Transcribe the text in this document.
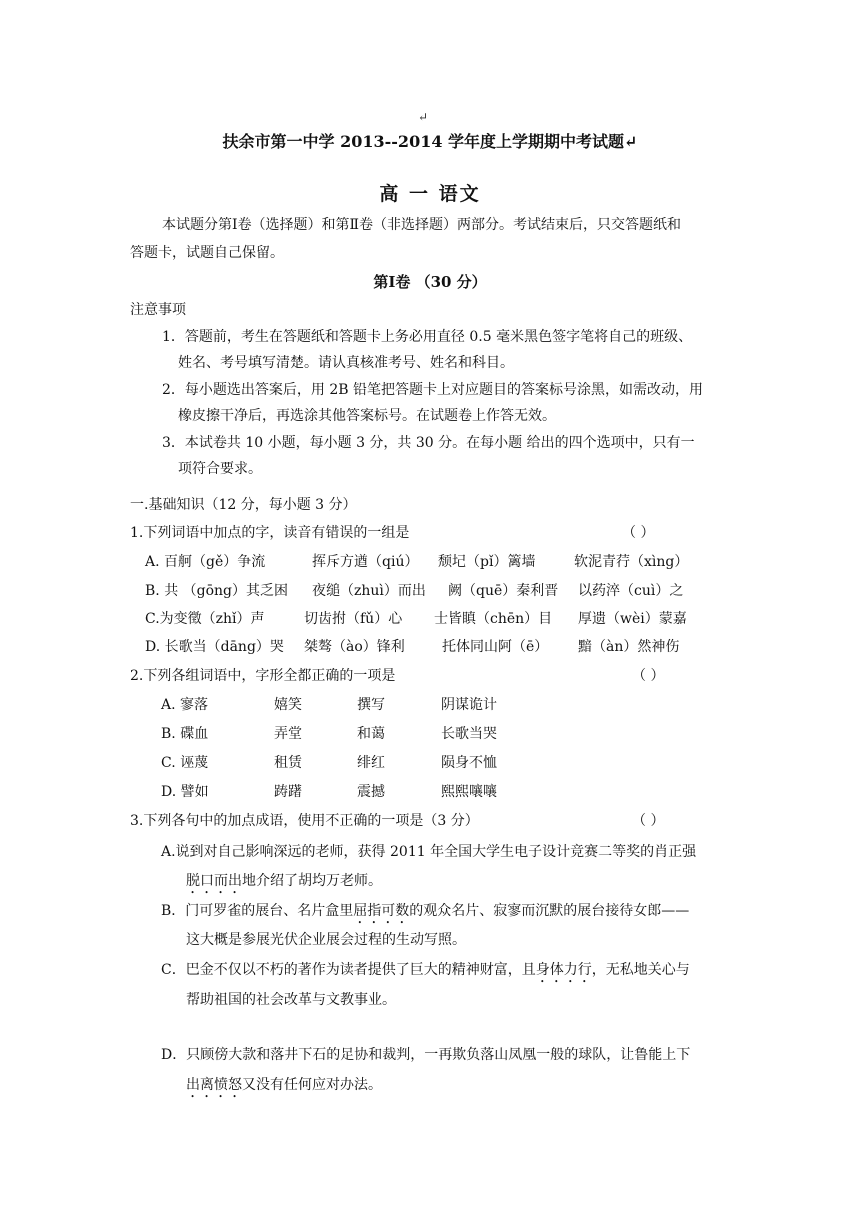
↵
扶余市第一中学 2013--2014 学年度上学期期中考试题↵
高 一 语文
本试题分第Ⅰ卷（选择题）和第Ⅱ卷（非选择题）两部分。考试结束后，只交答题纸和
答题卡，试题自己保留。
第Ⅰ卷 （30 分）
注意事项
1．答题前，考生在答题纸和答题卡上务必用直径 0.5 毫米黑色签字笔将自己的班级、
姓名、考号填写清楚。请认真核准考号、姓名和科目。
2．每小题选出答案后，用 2B 铅笔把答题卡上对应题目的答案标号涂黑，如需改动，用
橡皮擦干净后，再选涂其他答案标号。在试题卷上作答无效。
3．本试卷共 10 小题，每小题 3 分，共 30 分。在每小题 给出的四个选项中，只有一
项符合要求。
一.基础知识（12 分，每小题 3 分）
1.下列词语中加点的字，读音有错误的一组是	（ ）
A. 百舸（gě）争流	挥斥方遒（qiú） 颓圮（pǐ）篱墙	软泥青荇（xìng）
B. 共 （gōng）其乏困 夜缒（zhuì）而出 阙（quē）秦利晋 以药淬（cuì）之
C.为变徵（zhǐ）声	切齿拊（fǔ）心 士皆瞋（chēn）目 厚遗（wèi）蒙嘉
D. 长歌当（dāng）哭 桀骜（ào）锋利	托体同山阿（ē） 黯（àn）然神伤
2.下列各组词语中，字形全都正确的一项是	（ ）
A. 寥落	嬉笑	撰写	阴谋诡计
B. 碟血	弄堂	和蔼	长歌当哭
C. 诬蔑	租赁	绯红	陨身不恤
D. 譬如	踌躇	震撼	熙熙嚷嚷
3.下列各句中的加点成语，使用不正确的一项是（3 分）	（ ）
A.说到对自己影响深远的老师，获得 2011 年全国大学生电子设计竞赛二等奖的肖正强
脱口而出地介绍了胡均万老师。
B．门可罗雀的展台、名片盒里屈指可数的观众名片、寂寥而沉默的展台接待女郎——
这大概是参展光伏企业展会过程的生动写照。
C．巴金不仅以不朽的著作为读者提供了巨大的精神财富，且身体力行，无私地关心与
帮助祖国的社会改革与文教事业。
D．只顾傍大款和落井下石的足协和裁判，一再欺负落山凤凰一般的球队，让鲁能上下
出离愤怒又没有任何应对办法。
